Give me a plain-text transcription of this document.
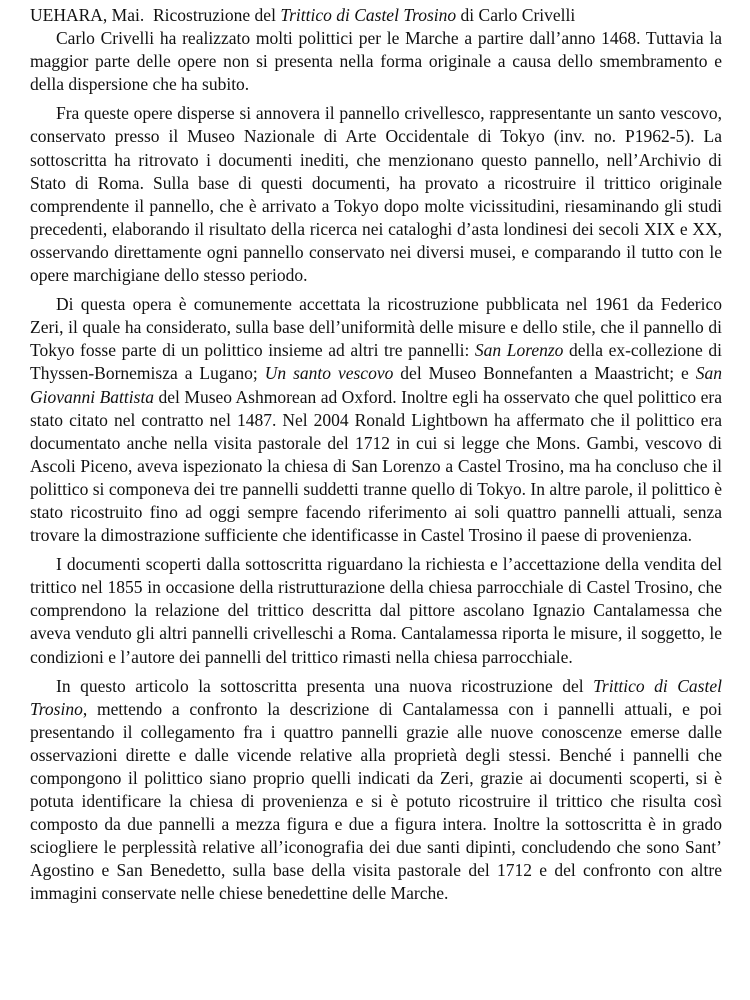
UEHARA, Mai. Ricostruzione del Trittico di Castel Trosino di Carlo Crivelli

Carlo Crivelli ha realizzato molti polittici per le Marche a partire dall’anno 1468. Tuttavia la maggior parte delle opere non si presenta nella forma originale a causa dello smembramento e della dispersione che ha subito.

Fra queste opere disperse si annovera il pannello crivellesco, rappresentante un santo vescovo, conservato presso il Museo Nazionale di Arte Occidentale di Tokyo (inv. no. P1962-5). La sottoscritta ha ritrovato i documenti inediti, che menzionano questo pannello, nell’Archivio di Stato di Roma. Sulla base di questi documenti, ha provato a ricostruire il trittico originale comprendente il pannello, che è arrivato a Tokyo dopo molte vicissitudini, riesaminando gli studi precedenti, elaborando il risultato della ricerca nei cataloghi d’asta londinesi dei secoli XIX e XX, osservando direttamente ogni pannello conservato nei diversi musei, e comparando il tutto con le opere marchigiane dello stesso periodo.

Di questa opera è comunemente accettata la ricostruzione pubblicata nel 1961 da Federico Zeri, il quale ha considerato, sulla base dell’uniformità delle misure e dello stile, che il pannello di Tokyo fosse parte di un polittico insieme ad altri tre pannelli: San Lorenzo della ex-collezione di Thyssen-Bornemisza a Lugano; Un santo vescovo del Museo Bonnefanten a Maastricht; e San Giovanni Battista del Museo Ashmorean ad Oxford. Inoltre egli ha osservato che quel polittico era stato citato nel contratto nel 1487. Nel 2004 Ronald Lightbown ha affermato che il polittico era documentato anche nella visita pastorale del 1712 in cui si legge che Mons. Gambi, vescovo di Ascoli Piceno, aveva ispezionato la chiesa di San Lorenzo a Castel Trosino, ma ha concluso che il polittico si componeva dei tre pannelli suddetti tranne quello di Tokyo. In altre parole, il polittico è stato ricostruito fino ad oggi sempre facendo riferimento ai soli quattro pannelli attuali, senza trovare la dimostrazione sufficiente che identificasse in Castel Trosino il paese di provenienza.

I documenti scoperti dalla sottoscritta riguardano la richiesta e l’accettazione della vendita del trittico nel 1855 in occasione della ristrutturazione della chiesa parrocchiale di Castel Trosino, che comprendono la relazione del trittico descritta dal pittore ascolano Ignazio Cantalamessa che aveva venduto gli altri pannelli crivelleschi a Roma. Cantalamessa riporta le misure, il soggetto, le condizioni e l’autore dei pannelli del trittico rimasti nella chiesa parrocchiale.

In questo articolo la sottoscritta presenta una nuova ricostruzione del Trittico di Castel Trosino, mettendo a confronto la descrizione di Cantalamessa con i pannelli attuali, e poi presentando il collegamento fra i quattro pannelli grazie alle nuove conoscenze emerse dalle osservazioni dirette e dalle vicende relative alla proprietà degli stessi. Benché i pannelli che compongono il polittico siano proprio quelli indicati da Zeri, grazie ai documenti scoperti, si è potuta identificare la chiesa di provenienza e si è potuto ricostruire il trittico che risulta così composto da due pannelli a mezza figura e due a figura intera. Inoltre la sottoscritta è in grado sciogliere le perplessità relative all’iconografia dei due santi dipinti, concludendo che sono Sant’ Agostino e San Benedetto, sulla base della visita pastorale del 1712 e del confronto con altre immagini conservate nelle chiese benedettine delle Marche.
